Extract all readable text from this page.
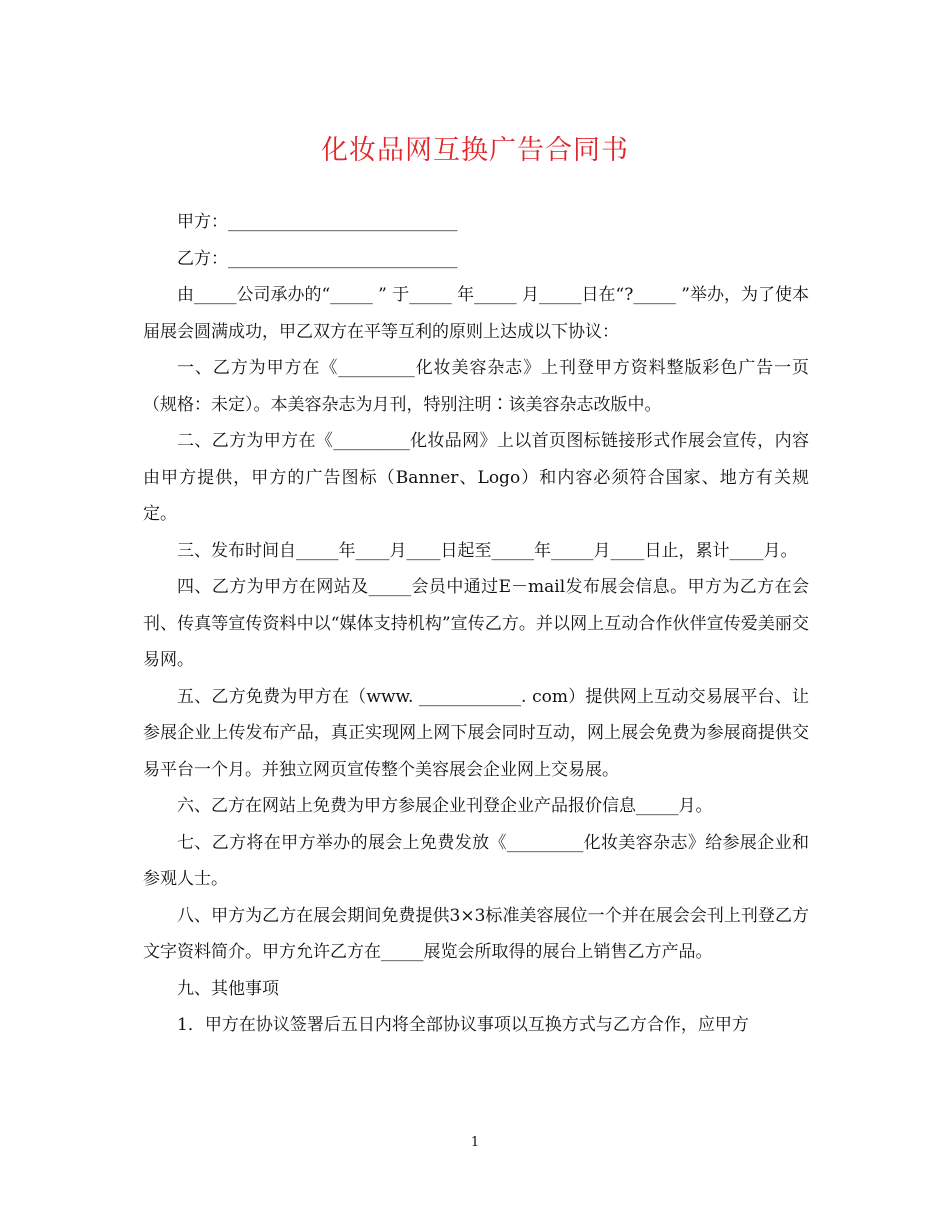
化妆品网互换广告合同书

甲方：___________________________

乙方：___________________________

由_____公司承办的“_____ ” 于_____ 年_____ 月_____日在“?_____ ”举办，为了使本届展会圆满成功，甲乙双方在平等互利的原则上达成以下协议：

一、乙方为甲方在《_________化妆美容杂志》上刊登甲方资料整版彩色广告一页（规格：未定）。本美容杂志为月刊，特别注明∶该美容杂志改版中。

二、乙方为甲方在《_________化妆品网》上以首页图标链接形式作展会宣传，内容由甲方提供，甲方的广告图标（Banner、Logo）和内容必须符合国家、地方有关规定。

三、发布时间自_____年____月____日起至_____年_____月____日止，累计____月。

四、乙方为甲方在网站及_____会员中通过E－mail发布展会信息。甲方为乙方在会刊、传真等宣传资料中以“媒体支持机构”宣传乙方。并以网上互动合作伙伴宣传爱美丽交易网。

五、乙方免费为甲方在（www. ____________. com）提供网上互动交易展平台、让参展企业上传发布产品，真正实现网上网下展会同时互动，网上展会免费为参展商提供交易平台一个月。并独立网页宣传整个美容展会企业网上交易展。

六、乙方在网站上免费为甲方参展企业刊登企业产品报价信息_____月。

七、乙方将在甲方举办的展会上免费发放《_________化妆美容杂志》给参展企业和参观人士。

八、甲方为乙方在展会期间免费提供3×3标准美容展位一个并在展会会刊上刊登乙方文字资料简介。甲方允许乙方在_____展览会所取得的展台上销售乙方产品。

九、其他事项

1．甲方在协议签署后五日内将全部协议事项以互换方式与乙方合作，应甲方

1
